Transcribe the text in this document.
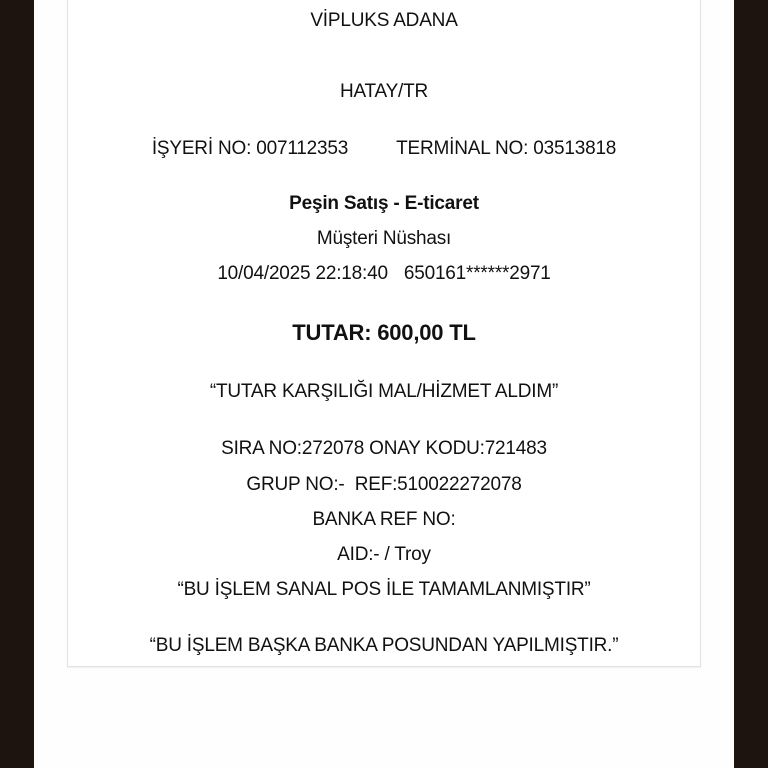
VİPLUKS ADANA
HATAY/TR
İŞYERİ NO: 007112353	TERMİNAL NO: 03513818
Peşin Satış - E-ticaret
Müşteri Nüshası
10/04/2025 22:18:40 650161******2971
TUTAR: 600,00 TL
“TUTAR KARŞILIĞI MAL/HİZMET ALDIM”
SIRA NO:272078 ONAY KODU:721483
GRUP NO:-  REF:510022272078
BANKA REF NO:
AID:- / Troy
“BU İŞLEM SANAL POS İLE TAMAMLANMIŞTIR”
“BU İŞLEM BAŞKA BANKA POSUNDAN YAPILMIŞTIR.”
